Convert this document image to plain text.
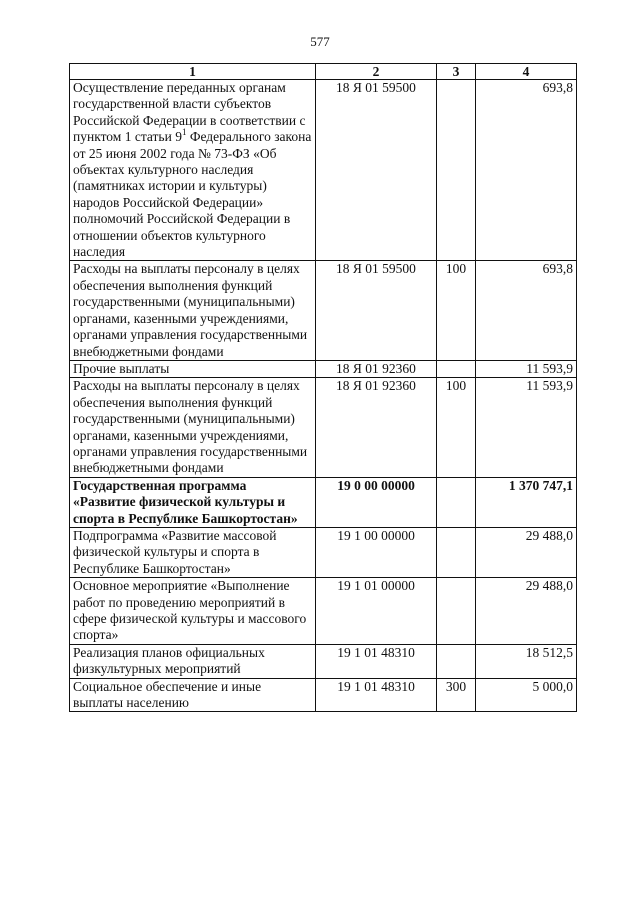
577
1	2	3	4
Осуществление переданных органам государственной власти субъектов Российской Федерации в соответствии с пунктом 1 статьи $9^1$ Федерального закона от 25 июня 2002 года № 73-ФЗ «Об объектах культурного наследия (памятниках истории и культуры) народов Российской Федерации» полномочий Российской Федерации в отношении объектов культурного наследия	18 Я 01 59500		693,8
Расходы на выплаты персоналу в целях обеспечения выполнения функций государственными (муниципальными) органами, казенными учреждениями, органами управления государственными внебюджетными фондами	18 Я 01 59500	100	693,8
Прочие выплаты	18 Я 01 92360		11 593,9
Расходы на выплаты персоналу в целях обеспечения выполнения функций государственными (муниципальными) органами, казенными учреждениями, органами управления государственными внебюджетными фондами	18 Я 01 92360	100	11 593,9
Государственная программа «Развитие физической культуры и спорта в Республике Башкортостан»	19 0 00 00000		1 370 747,1
Подпрограмма «Развитие массовой физической культуры и спорта в Республике Башкортостан»	19 1 00 00000		29 488,0
Основное мероприятие «Выполнение работ по проведению мероприятий в сфере физической культуры и массового спорта»	19 1 01 00000		29 488,0
Реализация планов официальных физкультурных мероприятий	19 1 01 48310		18 512,5
Социальное обеспечение и иные выплаты населению	19 1 01 48310	300	5 000,0
